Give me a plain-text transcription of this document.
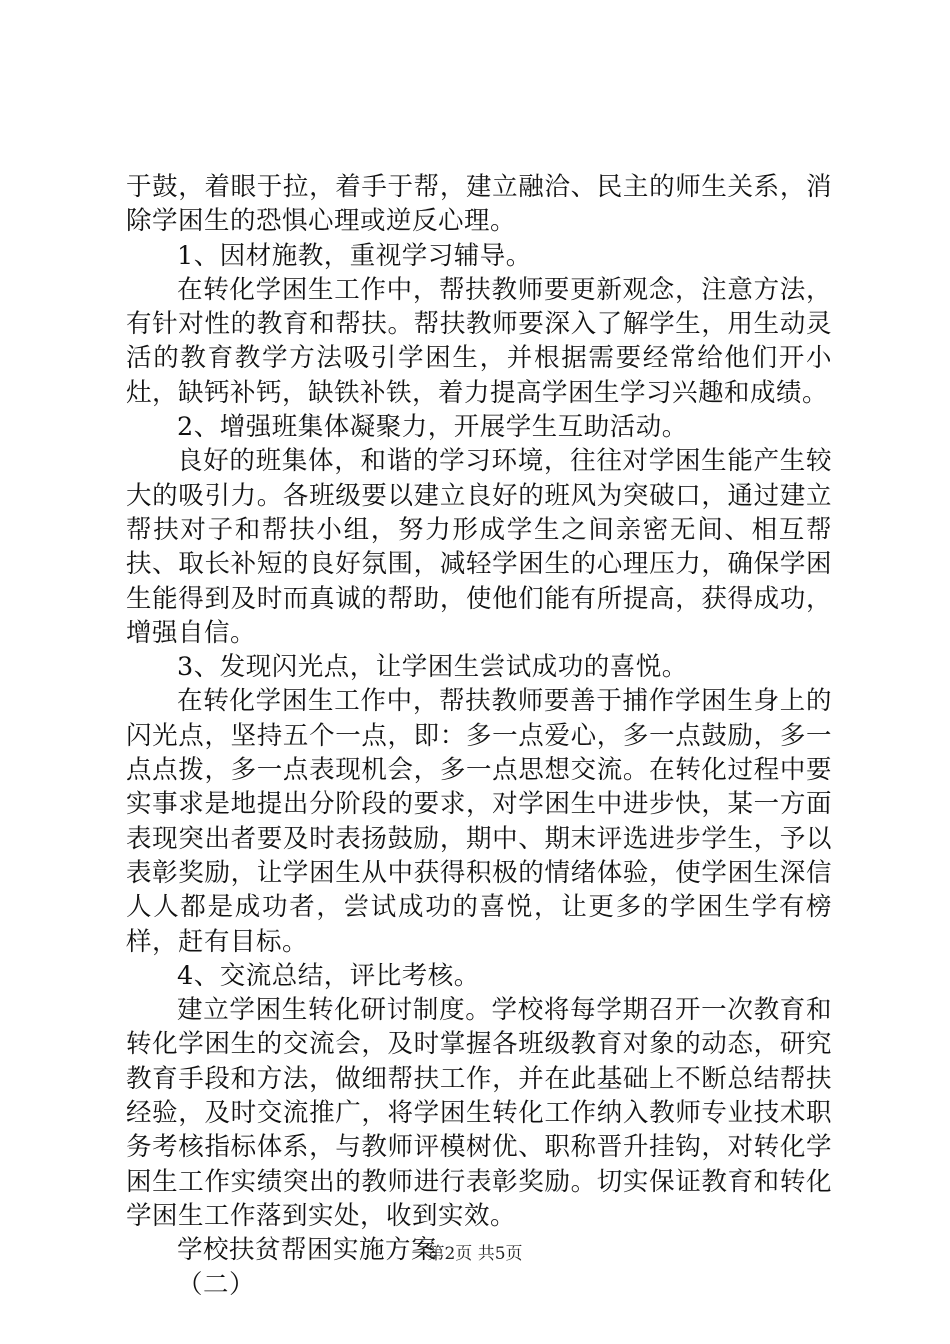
于鼓，着眼于拉，着手于帮，建立融洽、民主的师生关系，消除学困生的恐惧心理或逆反心理。

1、因材施教，重视学习辅导。

在转化学困生工作中，帮扶教师要更新观念，注意方法，有针对性的教育和帮扶。帮扶教师要深入了解学生，用生动灵活的教育教学方法吸引学困生，并根据需要经常给他们开小灶，缺钙补钙，缺铁补铁，着力提高学困生学习兴趣和成绩。

2、增强班集体凝聚力，开展学生互助活动。

良好的班集体，和谐的学习环境，往往对学困生能产生较大的吸引力。各班级要以建立良好的班风为突破口，通过建立帮扶对子和帮扶小组，努力形成学生之间亲密无间、相互帮扶、取长补短的良好氛围，减轻学困生的心理压力，确保学困生能得到及时而真诚的帮助，使他们能有所提高，获得成功，增强自信。

3、发现闪光点，让学困生尝试成功的喜悦。

在转化学困生工作中，帮扶教师要善于捕作学困生身上的闪光点，坚持五个一点，即：多一点爱心，多一点鼓励，多一点点拨，多一点表现机会，多一点思想交流。在转化过程中要实事求是地提出分阶段的要求，对学困生中进步快，某一方面表现突出者要及时表扬鼓励，期中、期末评选进步学生，予以表彰奖励，让学困生从中获得积极的情绪体验，使学困生深信人人都是成功者，尝试成功的喜悦，让更多的学困生学有榜样，赶有目标。

4、交流总结，评比考核。

建立学困生转化研讨制度。学校将每学期召开一次教育和转化学困生的交流会，及时掌握各班级教育对象的动态，研究教育手段和方法，做细帮扶工作，并在此基础上不断总结帮扶经验，及时交流推广，将学困生转化工作纳入教师专业技术职务考核指标体系，与教师评模树优、职称晋升挂钩，对转化学困生工作实绩突出的教师进行表彰奖励。切实保证教育和转化学困生工作落到实处，收到实效。

学校扶贫帮困实施方案

（二）

第2页 共5页
